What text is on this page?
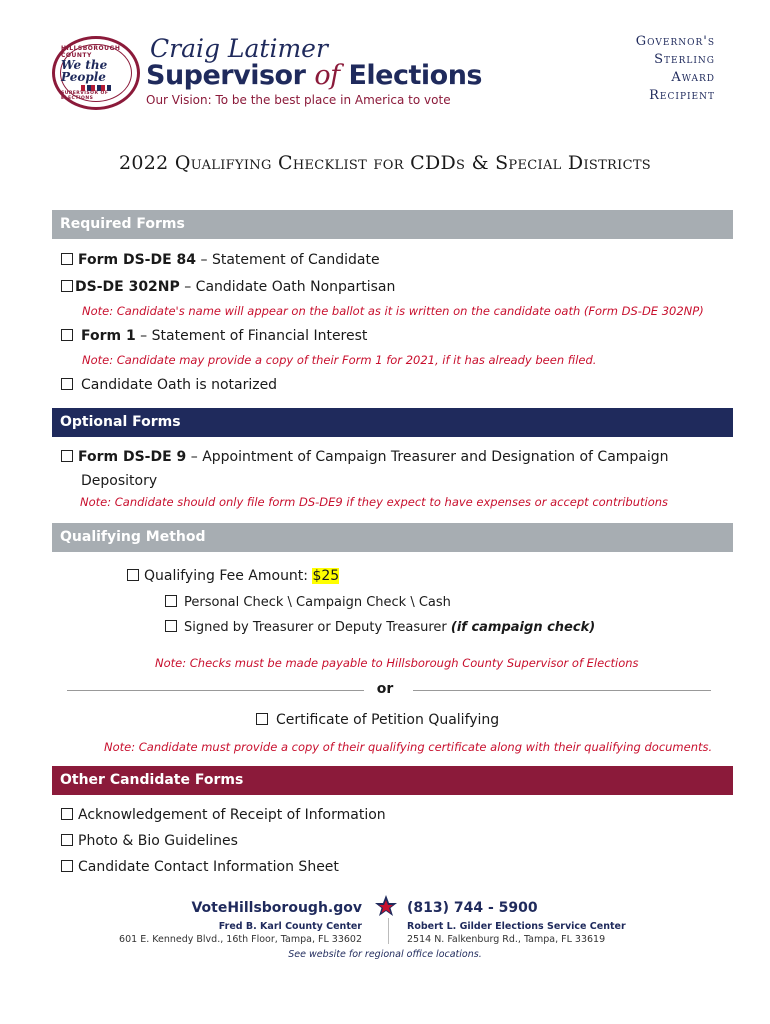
HILLSBOROUGH COUNTY
We the People
SUPERVISOR OF ELECTIONS
Craig Latimer
Supervisor of Elections
Our Vision: To be the best place in America to vote
Governor's
Sterling
Award
Recipient
2022 Qualifying Checklist for CDDs & Special Districts
Required Forms
Form DS-DE 84 – Statement of Candidate
DS-DE 302NP – Candidate Oath Nonpartisan
Note: Candidate's name will appear on the ballot as it is written on the candidate oath (Form DS-DE 302NP)
Form 1 – Statement of Financial Interest
Note: Candidate may provide a copy of their Form 1 for 2021, if it has already been filed.
Candidate Oath is notarized
Optional Forms
Form DS-DE 9 – Appointment of Campaign Treasurer and Designation of Campaign
Depository
Note: Candidate should only file form DS-DE9 if they expect to have expenses or accept contributions
Qualifying Method
Qualifying Fee Amount: $25
Personal Check \ Campaign Check \ Cash
Signed by Treasurer or Deputy Treasurer (if campaign check)
Note: Checks must be made payable to Hillsborough County Supervisor of Elections
or
Certificate of Petition Qualifying
Note: Candidate must provide a copy of their qualifying certificate along with their qualifying documents.
Other Candidate Forms
Acknowledgement of Receipt of Information
Photo & Bio Guidelines
Candidate Contact Information Sheet
VoteHillsborough.gov	(813) 744 - 5900
Fred B. Karl County Center
601 E. Kennedy Blvd., 16th Floor, Tampa, FL 33602
Robert L. Gilder Elections Service Center
2514 N. Falkenburg Rd., Tampa, FL 33619
See website for regional office locations.
